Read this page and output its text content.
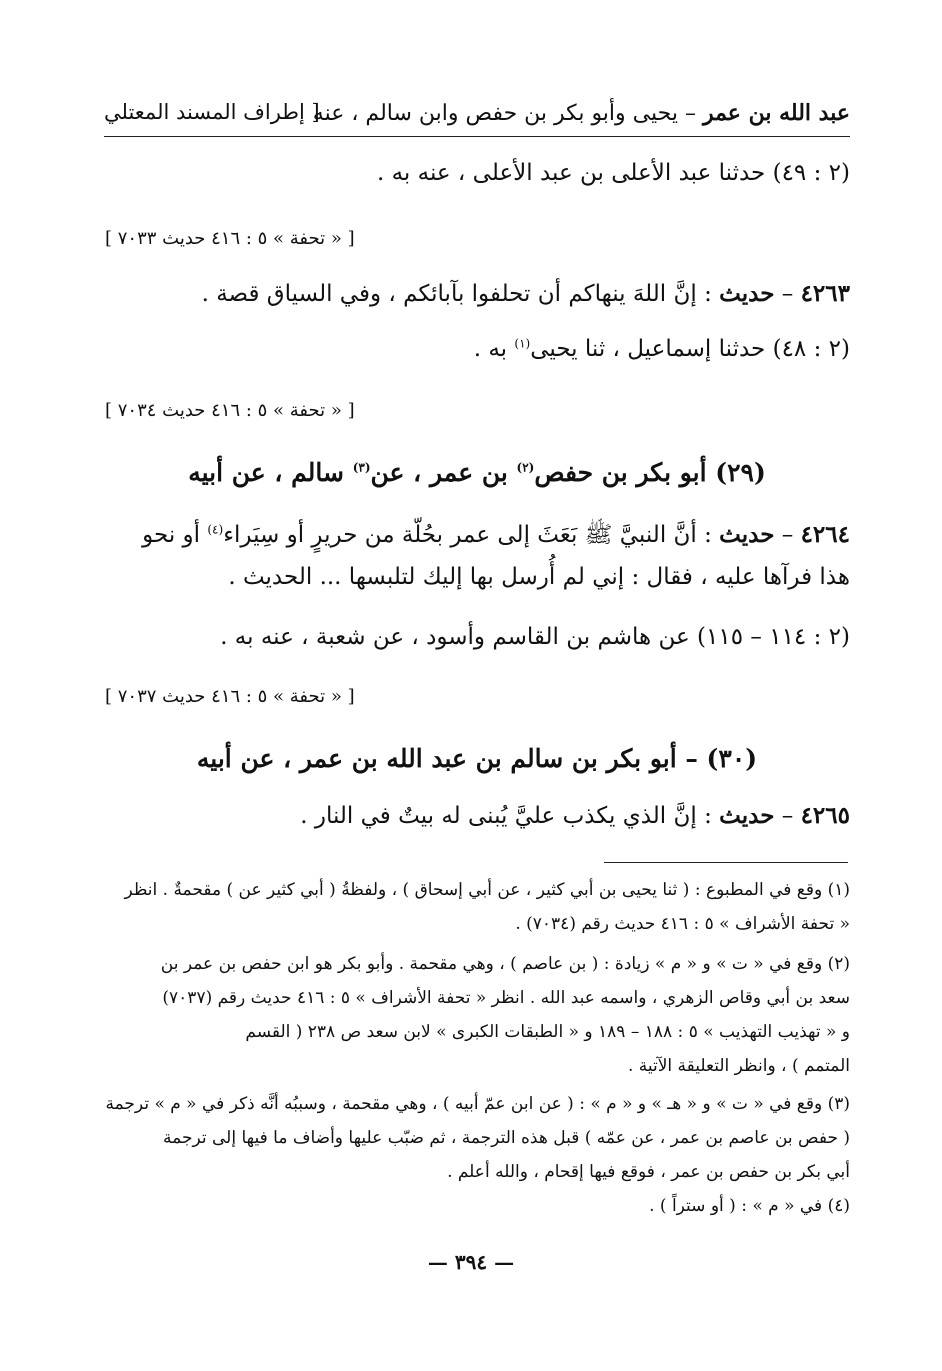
عبد الله بن عمر – يحيى وأبو بكر بن حفص وابن سالم ، عنه
[ إطراف المسند المعتلي
(٢ : ٤٩) حدثنا عبد الأعلى بن عبد الأعلى ، عنه به .
[ « تحفة » ٥ : ٤١٦ حديث ٧٠٣٣ ]
٤٢٦٣ – حديث : إنَّ اللهَ ينهاكم أن تحلفوا بآبائكم ، وفي السياق قصة .
(٢ : ٤٨) حدثنا إسماعيل ، ثنا يحيى$^{(١)}$ به .
[ « تحفة » ٥ : ٤١٦ حديث ٧٠٣٤ ]
(٢٩) أبو بكر بن حفص$^{(٢)}$ بن عمر ، عن$^{(٣)}$ سالم ، عن أبيه
٤٢٦٤ – حديث : أنَّ النبيَّ ﷺ بَعَثَ إلى عمر بحُلّة من حريرٍ أو سِيَراء$^{(٤)}$ أو نحو
هذا فرآها عليه ، فقال : إني لم أُرسل بها إليك لتلبسها ... الحديث .
(٢ : ١١٤ – ١١٥) عن هاشم بن القاسم وأسود ، عن شعبة ، عنه به .
[ « تحفة » ٥ : ٤١٦ حديث ٧٠٣٧ ]
(٣٠) – أبو بكر بن سالم بن عبد الله بن عمر ، عن أبيه
٤٢٦٥ – حديث : إنَّ الذي يكذب عليَّ يُبنى له بيتٌ في النار .
(١) وقع في المطبوع : ( ثنا يحيى بن أبي كثير ، عن أبي إسحاق ) ، ولفظةُ ( أبي كثير عن ) مقحمةٌ . انظر
« تحفة الأشراف » ٥ : ٤١٦ حديث رقم (٧٠٣٤) .
(٢) وقع في « ت » و « م » زيادة : ( بن عاصم ) ، وهي مقحمة . وأبو بكر هو ابن حفص بن عمر بن
سعد بن أبي وقاص الزهري ، واسمه عبد الله . انظر « تحفة الأشراف » ٥ : ٤١٦ حديث رقم (٧٠٣٧)
و « تهذيب التهذيب » ٥ : ١٨٨ – ١٨٩ و « الطبقات الكبرى » لابن سعد ص ٢٣٨ ( القسم
المتمم ) ، وانظر التعليقة الآتية .
(٣) وقع في « ت » و « هـ » و « م » : ( عن ابن عمّ أبيه ) ، وهي مقحمة ، وسببُه أنَّه ذكر في « م » ترجمة
( حفص بن عاصم بن عمر ، عن عمّه ) قبل هذه الترجمة ، ثم ضبّب عليها وأضاف ما فيها إلى ترجمة
أبي بكر بن حفص بن عمر ، فوقع فيها إقحام ، والله أعلم .
(٤) في « م » : ( أو ستراً ) .
— ٣٩٤ —
